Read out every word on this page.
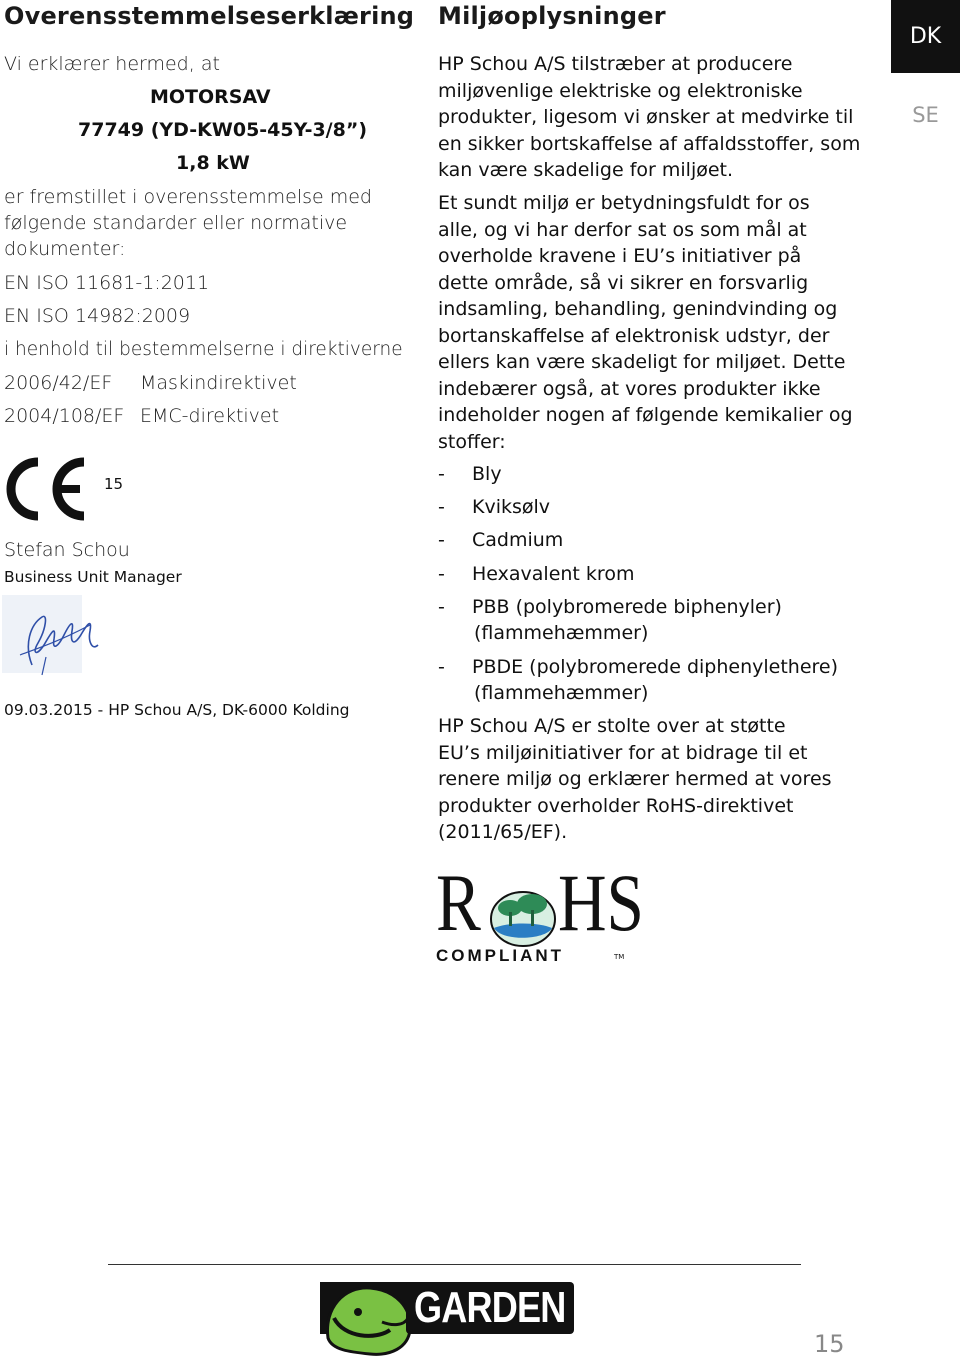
Overensstemmelseserklæring
Vi erklærer hermed, at
MOTORSAV
77749 (YD-KW05-45Y-3/8”)
1,8 kW
er fremstillet i overensstemmelse med
følgende standarder eller normative
dokumenter:
EN ISO 11681-1:2011
EN ISO 14982:2009
i henhold til bestemmelserne i direktiverne
2006/42/EF Maskindirektivet
2004/108/EF EMC-direktivet
15
Stefan Schou
Business Unit Manager
09.03.2015 - HP Schou A/S, DK-6000 Kolding
Miljøoplysninger
HP Schou A/S tilstræber at producere
miljøvenlige elektriske og elektroniske
produkter, ligesom vi ønsker at medvirke til
en sikker bortskaffelse af affaldsstoffer, som
kan være skadelige for miljøet.
Et sundt miljø er betydningsfuldt for os
alle, og vi har derfor sat os som mål at
overholde kravene i EU’s initiativer på
dette område, så vi sikrer en forsvarlig
indsamling, behandling, genindvinding og
bortanskaffelse af elektronisk udstyr, der
ellers kan være skadeligt for miljøet. Dette
indebærer også, at vores produkter ikke
indeholder nogen af følgende kemikalier og
stoffer:
- Bly
- Kviksølv
- Cadmium
- Hexavalent krom
- PBB (polybromerede biphenyler)
(flammehæmmer)
- PBDE (polybromerede diphenylethere)
(flammehæmmer)
HP Schou A/S er stolte over at støtte
EU’s miljøinitiativer for at bidrage til et
renere miljø og erklærer hermed at vores
produkter overholder RoHS-direktivet
(2011/65/EF).
R HS
COMPLIANT	TM
DK
SE
GARDEN
15
